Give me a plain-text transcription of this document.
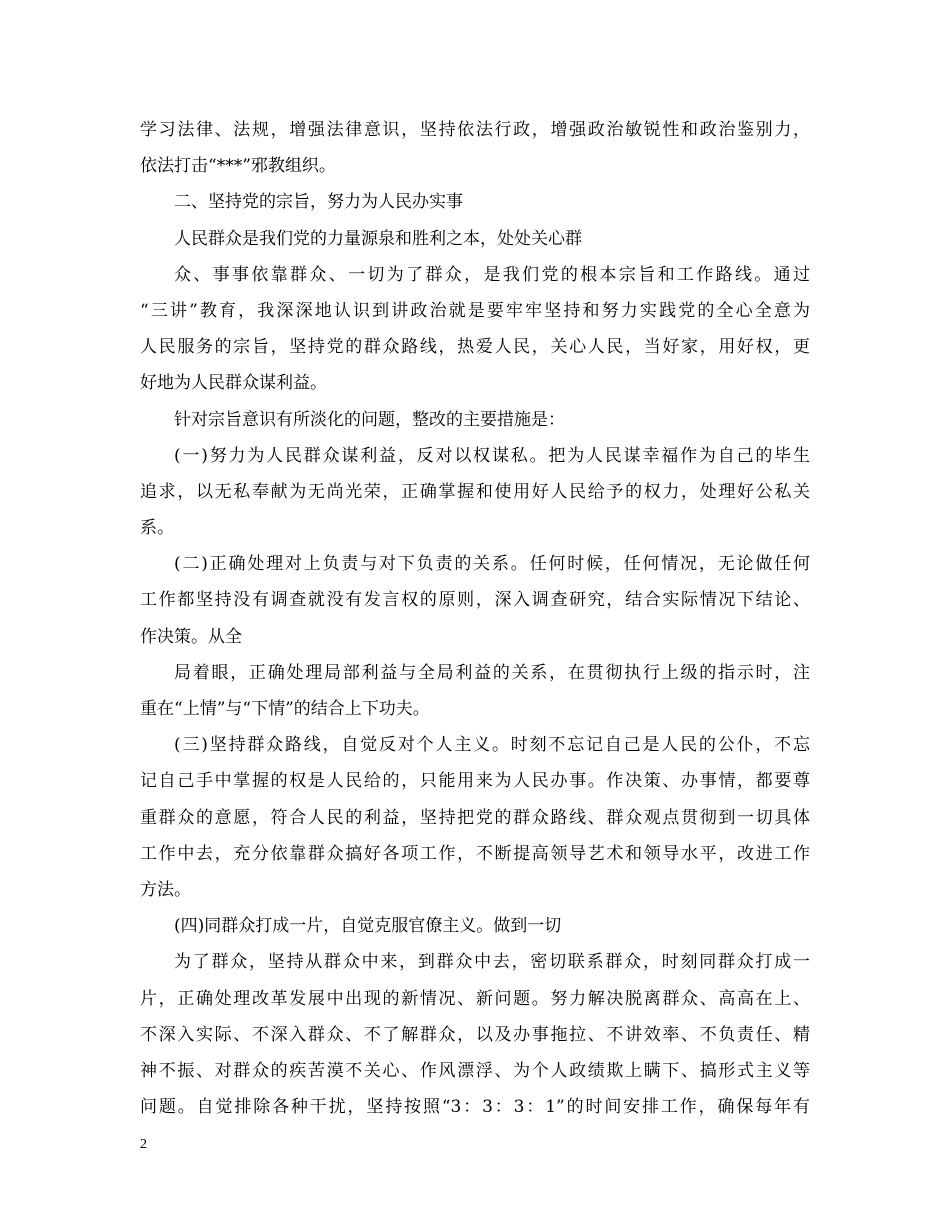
学习法律、法规，增强法律意识，坚持依法行政，增强政治敏锐性和政治鉴别力，
依法打击“***”邪教组织。
二、坚持党的宗旨，努力为人民办实事
人民群众是我们党的力量源泉和胜利之本，处处关心群
众、事事依靠群众、一切为了群众，是我们党的根本宗旨和工作路线。通过
“三讲”教育，我深深地认识到讲政治就是要牢牢坚持和努力实践党的全心全意为
人民服务的宗旨，坚持党的群众路线，热爱人民，关心人民，当好家，用好权，更
好地为人民群众谋利益。
针对宗旨意识有所淡化的问题，整改的主要措施是：
(一)努力为人民群众谋利益，反对以权谋私。把为人民谋幸福作为自己的毕生
追求，以无私奉献为无尚光荣，正确掌握和使用好人民给予的权力，处理好公私关
系。
(二)正确处理对上负责与对下负责的关系。任何时候，任何情况，无论做任何
工作都坚持没有调查就没有发言权的原则，深入调查研究，结合实际情况下结论、
作决策。从全
局着眼，正确处理局部利益与全局利益的关系，在贯彻执行上级的指示时，注
重在“上情”与“下情”的结合上下功夫。
(三)坚持群众路线，自觉反对个人主义。时刻不忘记自己是人民的公仆，不忘
记自己手中掌握的权是人民给的，只能用来为人民办事。作决策、办事情，都要尊
重群众的意愿，符合人民的利益，坚持把党的群众路线、群众观点贯彻到一切具体
工作中去，充分依靠群众搞好各项工作，不断提高领导艺术和领导水平，改进工作
方法。
(四)同群众打成一片，自觉克服官僚主义。做到一切
为了群众，坚持从群众中来，到群众中去，密切联系群众，时刻同群众打成一
片，正确处理改革发展中出现的新情况、新问题。努力解决脱离群众、高高在上、
不深入实际、不深入群众、不了解群众，以及办事拖拉、不讲效率、不负责任、精
神不振、对群众的疾苦漠不关心、作风漂浮、为个人政绩欺上瞒下、搞形式主义等
问题。自觉排除各种干扰，坚持按照“3：3：3：1”的时间安排工作，确保每年有
2
